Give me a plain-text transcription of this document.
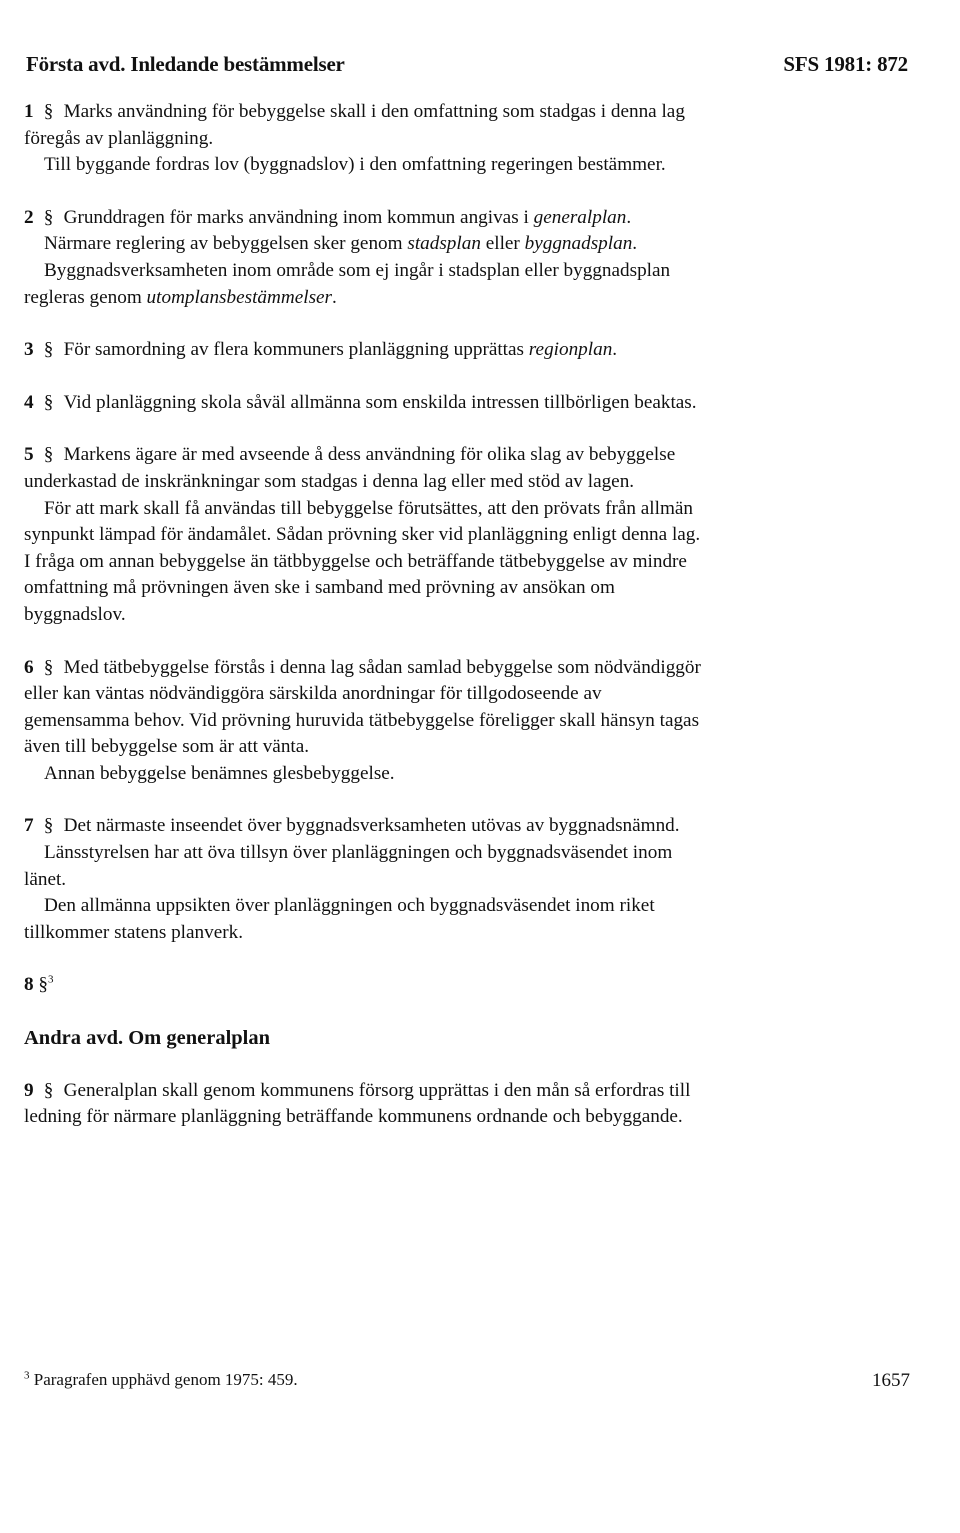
Första avd. Inledande bestämmelser	SFS 1981: 872

1 § Marks användning för bebyggelse skall i den omfattning som stadgas i denna lag föregås av planläggning.

Till byggande fordras lov (byggnadslov) i den omfattning regeringen bestämmer.

2 § Grunddragen för marks användning inom kommun angivas i generalplan.

Närmare reglering av bebyggelsen sker genom stadsplan eller byggnadsplan.

Byggnadsverksamheten inom område som ej ingår i stadsplan eller byggnadsplan regleras genom utomplansbestämmelser.

3 § För samordning av flera kommuners planläggning upprättas regionplan.

4 § Vid planläggning skola såväl allmänna som enskilda intressen tillbörligen beaktas.

5 § Markens ägare är med avseende å dess användning för olika slag av bebyggelse underkastad de inskränkningar som stadgas i denna lag eller med stöd av lagen.

För att mark skall få användas till bebyggelse förutsättes, att den prövats från allmän synpunkt lämpad för ändamålet. Sådan prövning sker vid planläggning enligt denna lag. I fråga om annan bebyggelse än tätbbyggelse och beträffande tätbebyggelse av mindre omfattning må prövningen även ske i samband med prövning av ansökan om byggnadslov.

6 § Med tätbebyggelse förstås i denna lag sådan samlad bebyggelse som nödvändiggör eller kan väntas nödvändiggöra särskilda anordningar för tillgodoseende av gemensamma behov. Vid prövning huruvida tätbebyggelse föreligger skall hänsyn tagas även till bebyggelse som är att vänta.

Annan bebyggelse benämnes glesbebyggelse.

7 § Det närmaste inseendet över byggnadsverksamheten utövas av byggnadsnämnd.

Länsstyrelsen har att öva tillsyn över planläggningen och byggnadsväsendet inom länet.

Den allmänna uppsikten över planläggningen och byggnadsväsendet inom riket tillkommer statens planverk.

8 §$^3$

Andra avd. Om generalplan

9 § Generalplan skall genom kommunens försorg upprättas i den mån så erfordras till ledning för närmare planläggning beträffande kommunens ordnande och bebyggande.

$^3$ Paragrafen upphävd genom 1975: 459.	1657
